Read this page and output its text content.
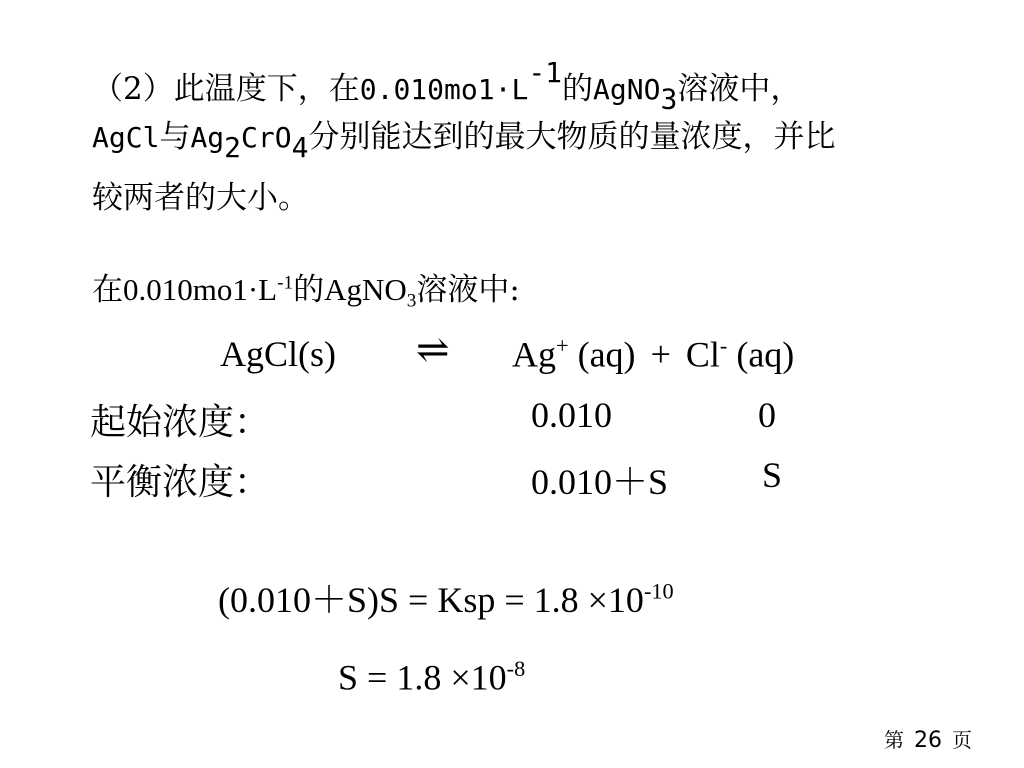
（2）此温度下，在$0.010mo1\cdot L^{-1}$的AgNO$_3$溶液中，
AgCl与$Ag_2CrO_4$分别能达到的最大物质的量浓度，并比
较两者的大小。
在$0.010mo1\cdot L^{-1}$的AgNO$_3$溶液中:
AgCl(s) ⇌ Ag+ (aq) + Cl- (aq)
起始浓度：	0.010	0
平衡浓度：	0.010＋S	S
(0.010＋S)S = Ksp = $1.8 \times 10^{-10}$
$S = 1.8 \times 10^{-8}$
第 26 页
